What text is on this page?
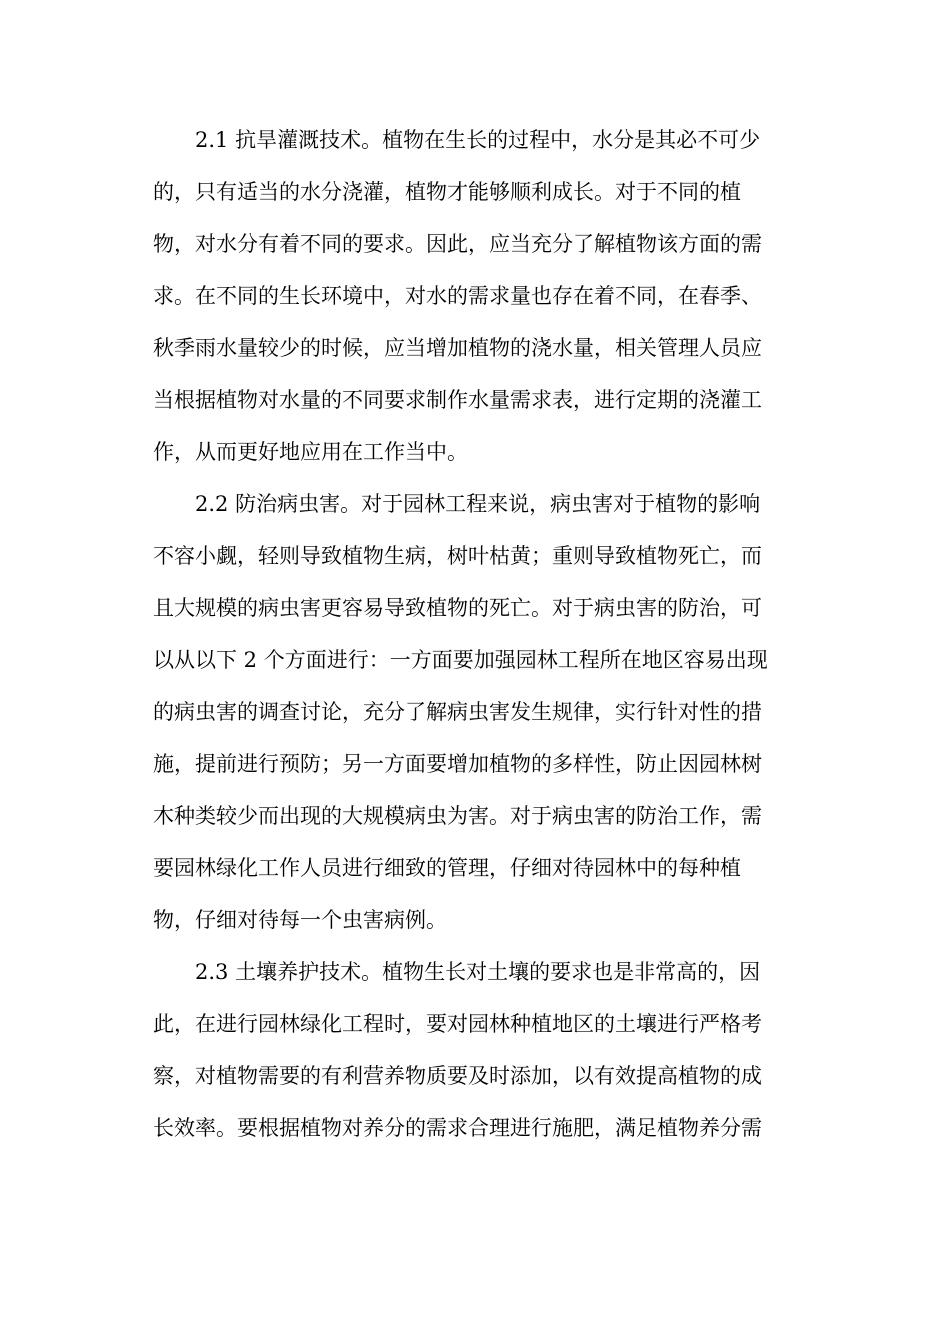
2.1 抗旱灌溉技术。植物在生长的过程中，水分是其必不可少
的，只有适当的水分浇灌，植物才能够顺利成长。对于不同的植
物，对水分有着不同的要求。因此，应当充分了解植物该方面的需
求。在不同的生长环境中，对水的需求量也存在着不同，在春季、
秋季雨水量较少的时候，应当增加植物的浇水量，相关管理人员应
当根据植物对水量的不同要求制作水量需求表，进行定期的浇灌工
作，从而更好地应用在工作当中。
2.2 防治病虫害。对于园林工程来说，病虫害对于植物的影响
不容小觑，轻则导致植物生病，树叶枯黄；重则导致植物死亡，而
且大规模的病虫害更容易导致植物的死亡。对于病虫害的防治，可
以从以下 2 个方面进行：一方面要加强园林工程所在地区容易出现
的病虫害的调查讨论，充分了解病虫害发生规律，实行针对性的措
施，提前进行预防；另一方面要增加植物的多样性，防止因园林树
木种类较少而出现的大规模病虫为害。对于病虫害的防治工作，需
要园林绿化工作人员进行细致的管理，仔细对待园林中的每种植
物，仔细对待每一个虫害病例。
2.3 土壤养护技术。植物生长对土壤的要求也是非常高的，因
此，在进行园林绿化工程时，要对园林种植地区的土壤进行严格考
察，对植物需要的有利营养物质要及时添加，以有效提高植物的成
长效率。要根据植物对养分的需求合理进行施肥，满足植物养分需
